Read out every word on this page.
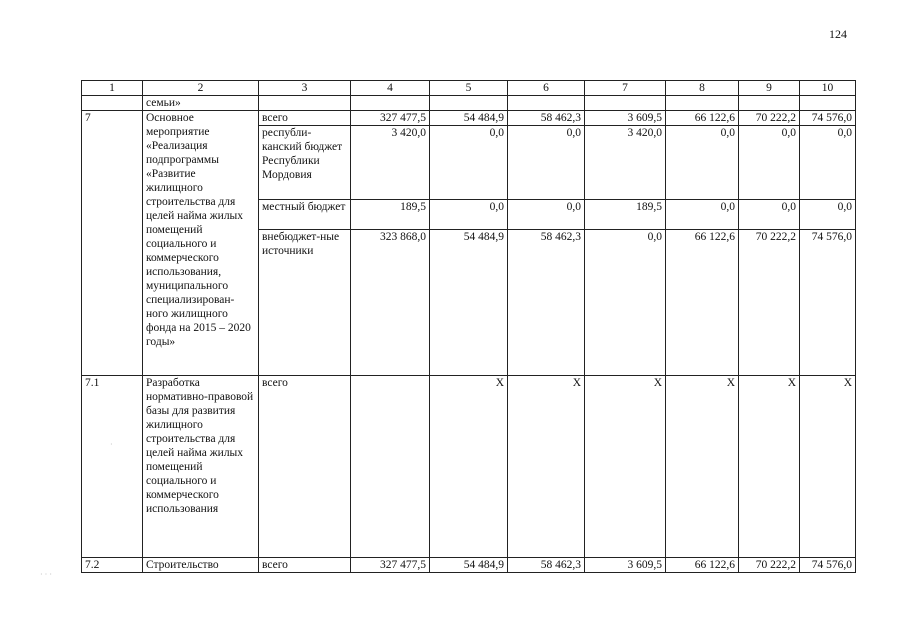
124
1	2	3	4	5	6	7	8	9	10
	семьи»								
7	Основное мероприятие «Реализация подпрограммы «Развитие жилищного строительства для целей найма жилых помещений социального и коммерческого использования, муниципального специализирован-ного жилищного фонда на 2015 – 2020 годы»	всего	327 477,5	54 484,9	58 462,3	3 609,5	66 122,6	70 222,2	74 576,0
		республи-канский бюджет Республики Мордовия	3 420,0	0,0	0,0	3 420,0	0,0	0,0	0,0
		местный бюджет	189,5	0,0	0,0	189,5	0,0	0,0	0,0
		внебюджет-ные источники	323 868,0	54 484,9	58 462,3	0,0	66 122,6	70 222,2	74 576,0
7.1	Разработка нормативно-правовой базы для развития жилищного строительства для целей найма жилых помещений социального и коммерческого использования	всего		X	X	X	X	X	X
7.2	Строительство	всего	327 477,5	54 484,9	58 462,3	3 609,5	66 122,6	70 222,2	74 576,0
·
· · ·
